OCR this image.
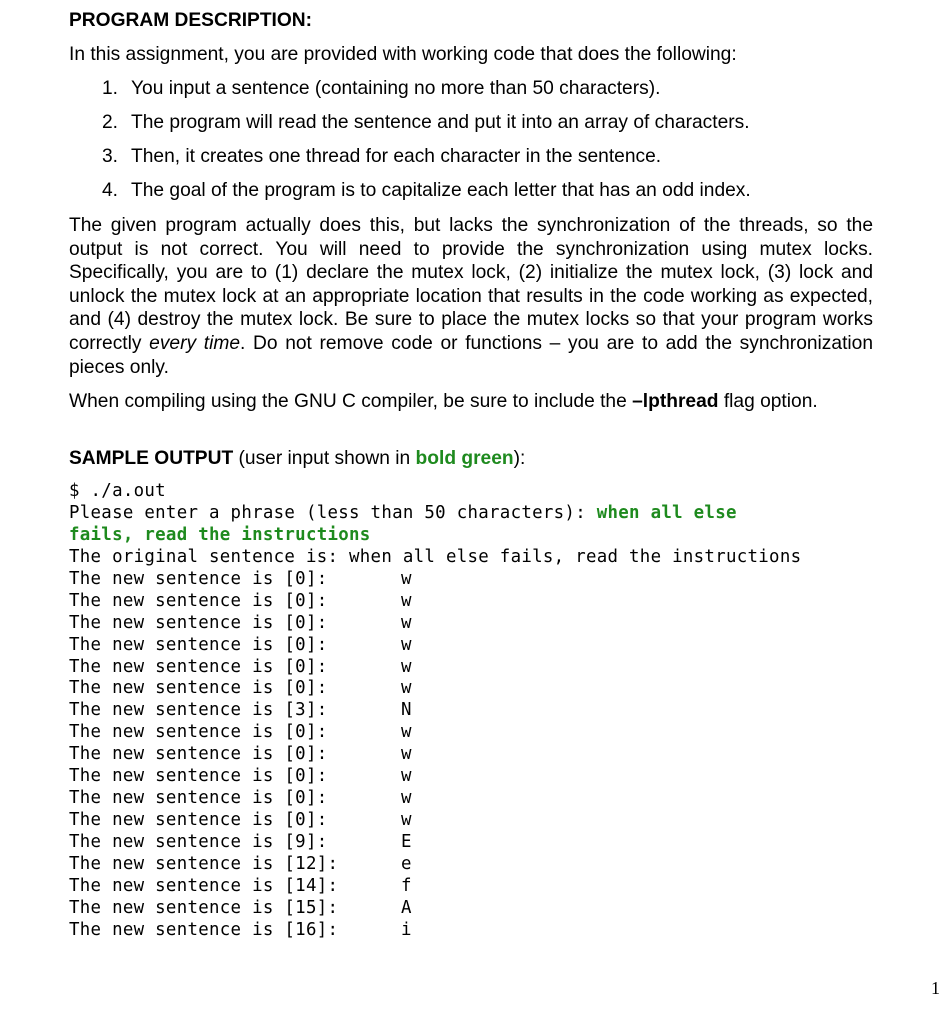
PROGRAM DESCRIPTION:

In this assignment, you are provided with working code that does the following:

1. You input a sentence (containing no more than 50 characters).
2. The program will read the sentence and put it into an array of characters.
3. Then, it creates one thread for each character in the sentence.
4. The goal of the program is to capitalize each letter that has an odd index.

The given program actually does this, but lacks the synchronization of the threads, so the output is not correct. You will need to provide the synchronization using mutex locks. Specifically, you are to (1) declare the mutex lock, (2) initialize the mutex lock, (3) lock and unlock the mutex lock at an appropriate location that results in the code working as expected, and (4) destroy the mutex lock. Be sure to place the mutex locks so that your program works correctly every time. Do not remove code or functions – you are to add the synchronization pieces only.

When compiling using the GNU C compiler, be sure to include the –lpthread flag option.

SAMPLE OUTPUT (user input shown in bold green):

$ ./a.out
Please enter a phrase (less than 50 characters): when all else
fails, read the instructions
The original sentence is: when all else fails, read the instructions
The new sentence is [0]:	w
The new sentence is [0]:	w
The new sentence is [0]:	w
The new sentence is [0]:	w
The new sentence is [0]:	w
The new sentence is [0]:	w
The new sentence is [3]:	N
The new sentence is [0]:	w
The new sentence is [0]:	w
The new sentence is [0]:	w
The new sentence is [0]:	w
The new sentence is [0]:	w
The new sentence is [9]:	E
The new sentence is [12]:	e
The new sentence is [14]:	f
The new sentence is [15]:	A
The new sentence is [16]:	i
1
